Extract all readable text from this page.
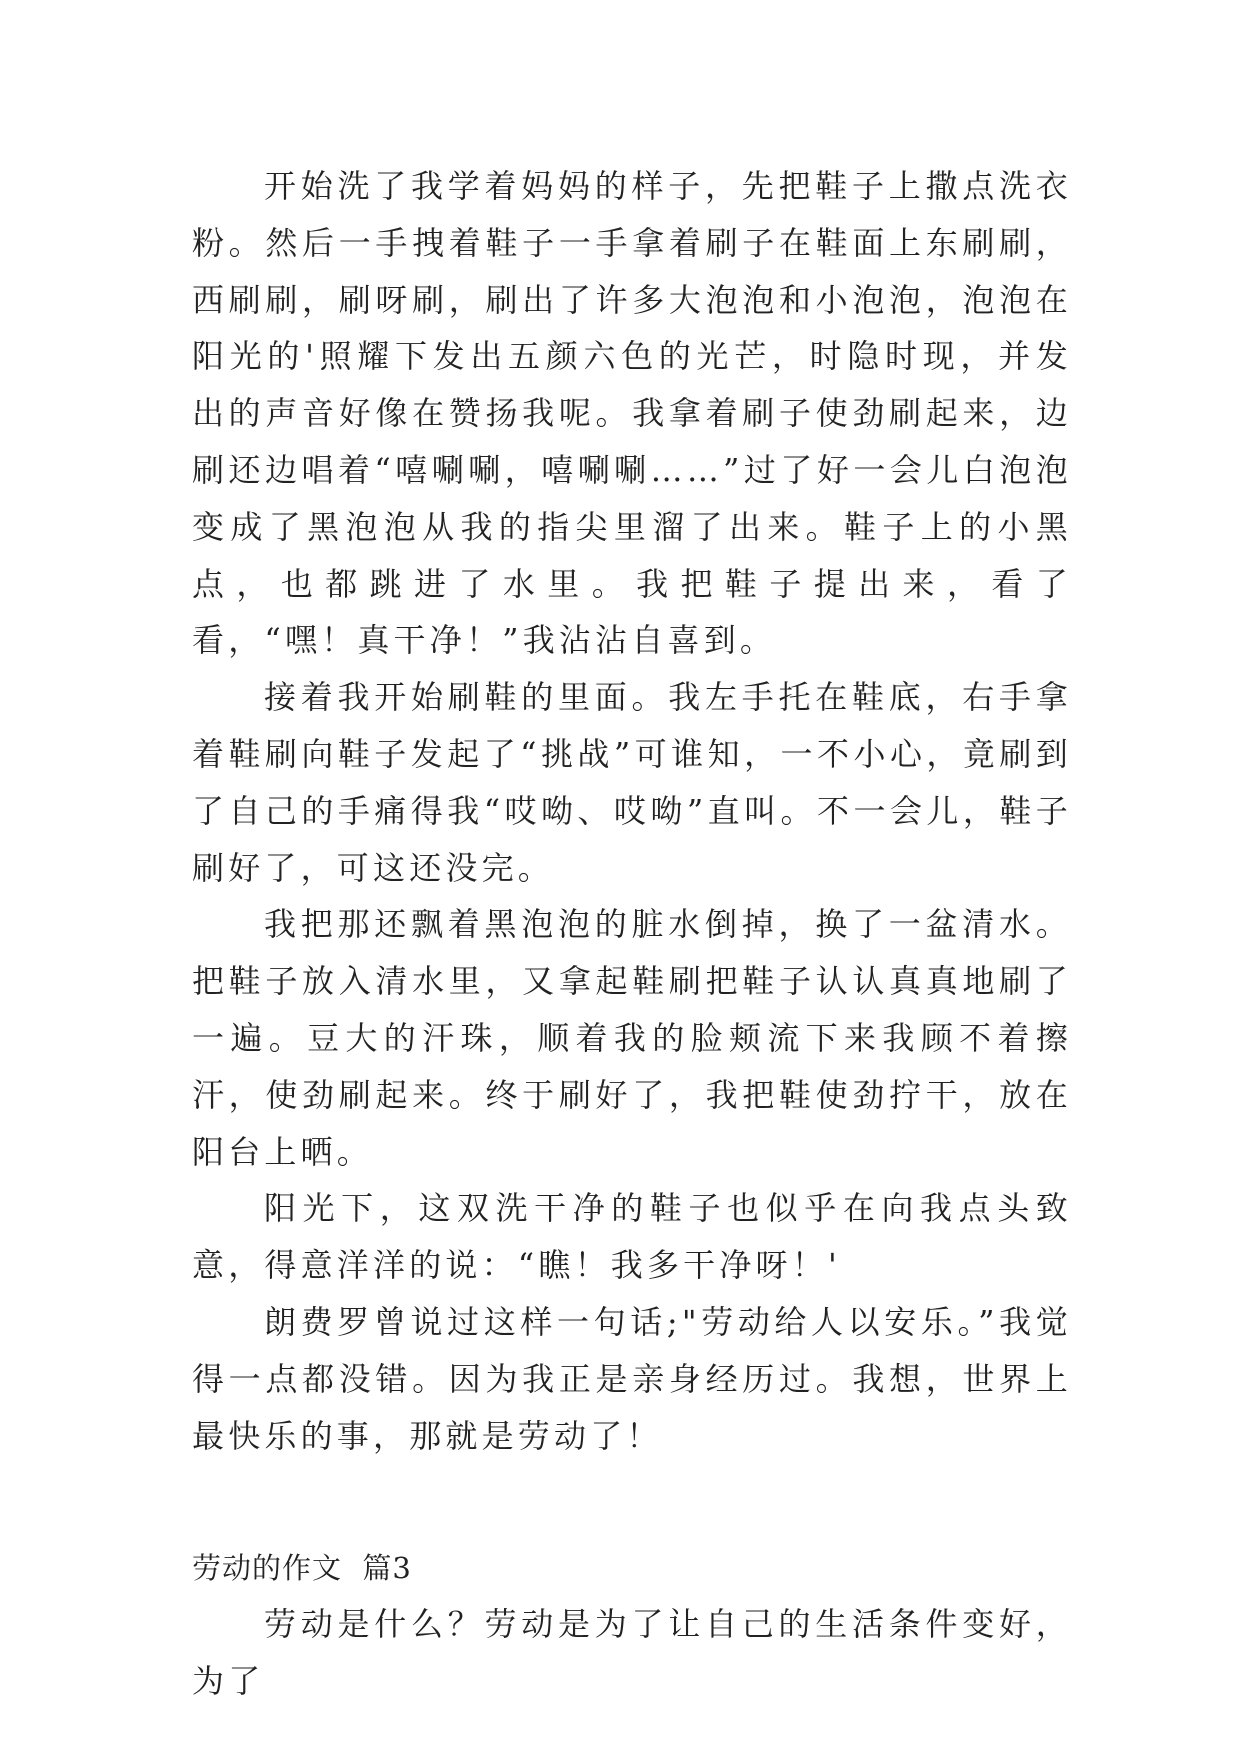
开始洗了我学着妈妈的样子，先把鞋子上撒点洗衣粉。然后一手拽着鞋子一手拿着刷子在鞋面上东刷刷，西刷刷，刷呀刷，刷出了许多大泡泡和小泡泡，泡泡在阳光的'照耀下发出五颜六色的光芒，时隐时现，并发出的声音好像在赞扬我呢。我拿着刷子使劲刷起来，边刷还边唱着“嘻唰唰，嘻唰唰……”过了好一会儿白泡泡变成了黑泡泡从我的指尖里溜了出来。鞋子上的小黑点，也都跳进了水里。我把鞋子提出来，看了看，“嘿！真干净！”我沾沾自喜到。

接着我开始刷鞋的里面。我左手托在鞋底，右手拿着鞋刷向鞋子发起了“挑战”可谁知，一不小心，竟刷到了自己的手痛得我“哎呦、哎呦”直叫。不一会儿，鞋子刷好了，可这还没完。

我把那还飘着黑泡泡的脏水倒掉，换了一盆清水。把鞋子放入清水里，又拿起鞋刷把鞋子认认真真地刷了一遍。豆大的汗珠，顺着我的脸颊流下来我顾不着擦汗，使劲刷起来。终于刷好了，我把鞋使劲拧干，放在阳台上晒。

阳光下，这双洗干净的鞋子也似乎在向我点头致意，得意洋洋的说：“瞧！我多干净呀！'

朗费罗曾说过这样一句话;"劳动给人以安乐。”我觉得一点都没错。因为我正是亲身经历过。我想，世界上最快乐的事，那就是劳动了！

劳动的作文  篇3

劳动是什么？劳动是为了让自己的生活条件变好，为了
